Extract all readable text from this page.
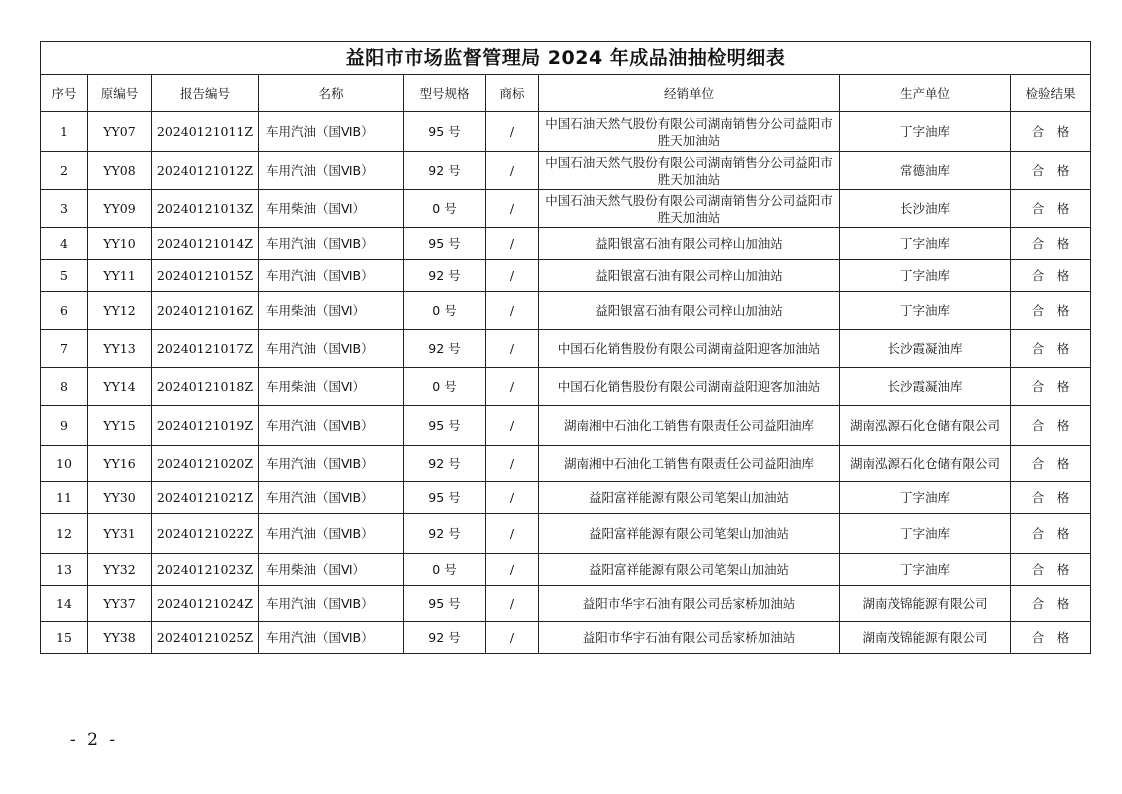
益阳市市场监督管理局 2024 年成品油抽检明细表								
序号	原编号	报告编号	名称	型号规格	商标	经销单位	生产单位	检验结果
1	YY07	20240121011Z	车用汽油（国ⅥB）	95 号	/	中国石油天然气股份有限公司湖南销售分公司益阳市胜天加油站	丁字油库	合　格
2	YY08	20240121012Z	车用汽油（国ⅥB）	92 号	/	中国石油天然气股份有限公司湖南销售分公司益阳市胜天加油站	常德油库	合　格
3	YY09	20240121013Z	车用柴油（国Ⅵ）	0 号	/	中国石油天然气股份有限公司湖南销售分公司益阳市胜天加油站	长沙油库	合　格
4	YY10	20240121014Z	车用汽油（国ⅥB）	95 号	/	益阳银富石油有限公司梓山加油站	丁字油库	合　格
5	YY11	20240121015Z	车用汽油（国ⅥB）	92 号	/	益阳银富石油有限公司梓山加油站	丁字油库	合　格
6	YY12	20240121016Z	车用柴油（国Ⅵ）	0 号	/	益阳银富石油有限公司梓山加油站	丁字油库	合　格
7	YY13	20240121017Z	车用汽油（国ⅥB）	92 号	/	中国石化销售股份有限公司湖南益阳迎客加油站	长沙霞凝油库	合　格
8	YY14	20240121018Z	车用柴油（国Ⅵ）	0 号	/	中国石化销售股份有限公司湖南益阳迎客加油站	长沙霞凝油库	合　格
9	YY15	20240121019Z	车用汽油（国ⅥB）	95 号	/	湖南湘中石油化工销售有限责任公司益阳油库	湖南泓源石化仓储有限公司	合　格
10	YY16	20240121020Z	车用汽油（国ⅥB）	92 号	/	湖南湘中石油化工销售有限责任公司益阳油库	湖南泓源石化仓储有限公司	合　格
11	YY30	20240121021Z	车用汽油（国ⅥB）	95 号	/	益阳富祥能源有限公司笔架山加油站	丁字油库	合　格
12	YY31	20240121022Z	车用汽油（国ⅥB）	92 号	/	益阳富祥能源有限公司笔架山加油站	丁字油库	合　格
13	YY32	20240121023Z	车用柴油（国Ⅵ）	0 号	/	益阳富祥能源有限公司笔架山加油站	丁字油库	合　格
14	YY37	20240121024Z	车用汽油（国ⅥB）	95 号	/	益阳市华宇石油有限公司岳家桥加油站	湖南茂锦能源有限公司	合　格
15	YY38	20240121025Z	车用汽油（国ⅥB）	92 号	/	益阳市华宇石油有限公司岳家桥加油站	湖南茂锦能源有限公司	合　格
- 2 -
